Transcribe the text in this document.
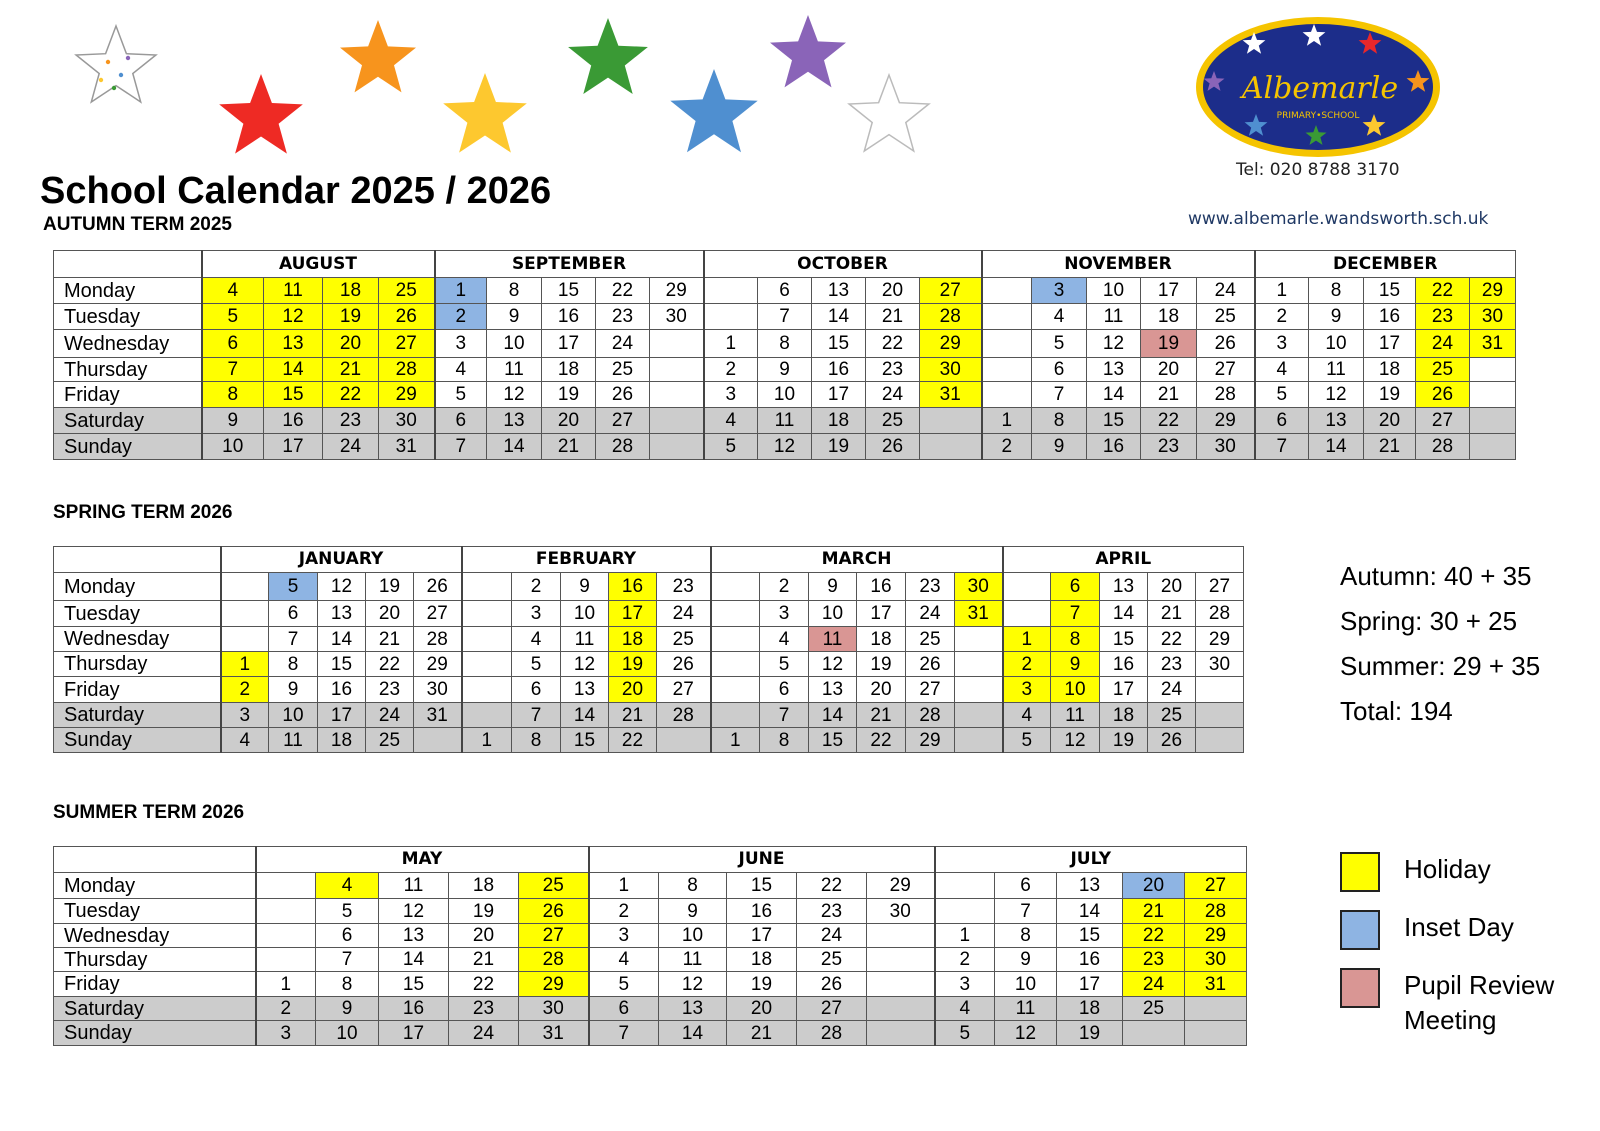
Albemarle
PRIMARY•SCHOOL
Tel: 020 8788 3170
www.albemarle.wandsworth.sch.uk
School Calendar 2025 / 2026
AUTUMN TERM 2025
	AUGUST				SEPTEMBER					OCTOBER					NOVEMBER					DECEMBER				
Monday	4	11	18	25	1	8	15	22	29		6	13	20	27		3	10	17	24	1	8	15	22	29
Tuesday	5	12	19	26	2	9	16	23	30		7	14	21	28		4	11	18	25	2	9	16	23	30
Wednesday	6	13	20	27	3	10	17	24		1	8	15	22	29		5	12	19	26	3	10	17	24	31
Thursday	7	14	21	28	4	11	18	25		2	9	16	23	30		6	13	20	27	4	11	18	25	
Friday	8	15	22	29	5	12	19	26		3	10	17	24	31		7	14	21	28	5	12	19	26	
Saturday	9	16	23	30	6	13	20	27		4	11	18	25		1	8	15	22	29	6	13	20	27	
Sunday	10	17	24	31	7	14	21	28		5	12	19	26		2	9	16	23	30	7	14	21	28	
SPRING TERM 2026
	JANUARY					FEBRUARY					MARCH						APRIL				
Monday		5	12	19	26		2	9	16	23		2	9	16	23	30		6	13	20	27
Tuesday		6	13	20	27		3	10	17	24		3	10	17	24	31		7	14	21	28
Wednesday		7	14	21	28		4	11	18	25		4	11	18	25		1	8	15	22	29
Thursday	1	8	15	22	29		5	12	19	26		5	12	19	26		2	9	16	23	30
Friday	2	9	16	23	30		6	13	20	27		6	13	20	27		3	10	17	24	
Saturday	3	10	17	24	31		7	14	21	28		7	14	21	28		4	11	18	25	
Sunday	4	11	18	25		1	8	15	22		1	8	15	22	29		5	12	19	26	
SUMMER TERM 2026
	MAY					JUNE					JULY				
Monday		4	11	18	25	1	8	15	22	29		6	13	20	27
Tuesday		5	12	19	26	2	9	16	23	30		7	14	21	28
Wednesday		6	13	20	27	3	10	17	24		1	8	15	22	29
Thursday		7	14	21	28	4	11	18	25		2	9	16	23	30
Friday	1	8	15	22	29	5	12	19	26		3	10	17	24	31
Saturday	2	9	16	23	30	6	13	20	27		4	11	18	25	
Sunday	3	10	17	24	31	7	14	21	28		5	12	19		
Autumn: 40 + 35
Spring: 30 + 25
Summer: 29 + 35
Total: 194
Holiday
Inset Day
Pupil Review Meeting
